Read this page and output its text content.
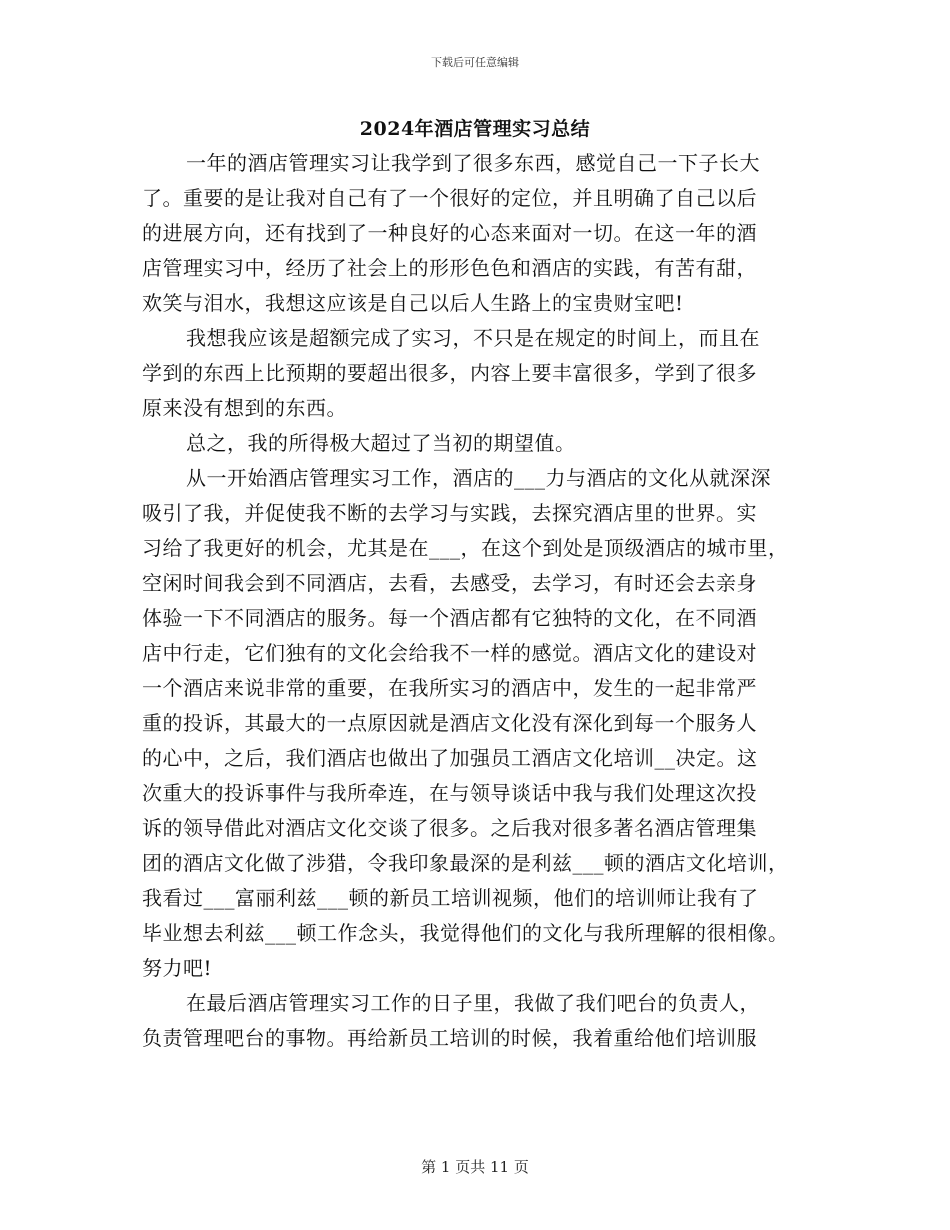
下载后可任意编辑
2024年酒店管理实习总结
一年的酒店管理实习让我学到了很多东西，感觉自己一下子长大
了。重要的是让我对自己有了一个很好的定位，并且明确了自己以后
的进展方向，还有找到了一种良好的心态来面对一切。在这一年的酒
店管理实习中，经历了社会上的形形色色和酒店的实践，有苦有甜，
欢笑与泪水，我想这应该是自己以后人生路上的宝贵财宝吧!
我想我应该是超额完成了实习，不只是在规定的时间上，而且在
学到的东西上比预期的要超出很多，内容上要丰富很多，学到了很多
原来没有想到的东西。
总之，我的所得极大超过了当初的期望值。
从一开始酒店管理实习工作，酒店的___力与酒店的文化从就深深
吸引了我，并促使我不断的去学习与实践，去探究酒店里的世界。实
习给了我更好的机会，尤其是在___，在这个到处是顶级酒店的城市里，
空闲时间我会到不同酒店，去看，去感受，去学习，有时还会去亲身
体验一下不同酒店的服务。每一个酒店都有它独特的文化，在不同酒
店中行走，它们独有的文化会给我不一样的感觉。酒店文化的建设对
一个酒店来说非常的重要，在我所实习的酒店中，发生的一起非常严
重的投诉，其最大的一点原因就是酒店文化没有深化到每一个服务人
的心中，之后，我们酒店也做出了加强员工酒店文化培训__决定。这
次重大的投诉事件与我所牵连，在与领导谈话中我与我们处理这次投
诉的领导借此对酒店文化交谈了很多。之后我对很多著名酒店管理集
团的酒店文化做了涉猎，令我印象最深的是利兹___顿的酒店文化培训，
我看过___富丽利兹___顿的新员工培训视频，他们的培训师让我有了
毕业想去利兹___顿工作念头，我觉得他们的文化与我所理解的很相像。
努力吧!
在最后酒店管理实习工作的日子里，我做了我们吧台的负责人，
负责管理吧台的事物。再给新员工培训的时候，我着重给他们培训服
第 1 页共 11 页
